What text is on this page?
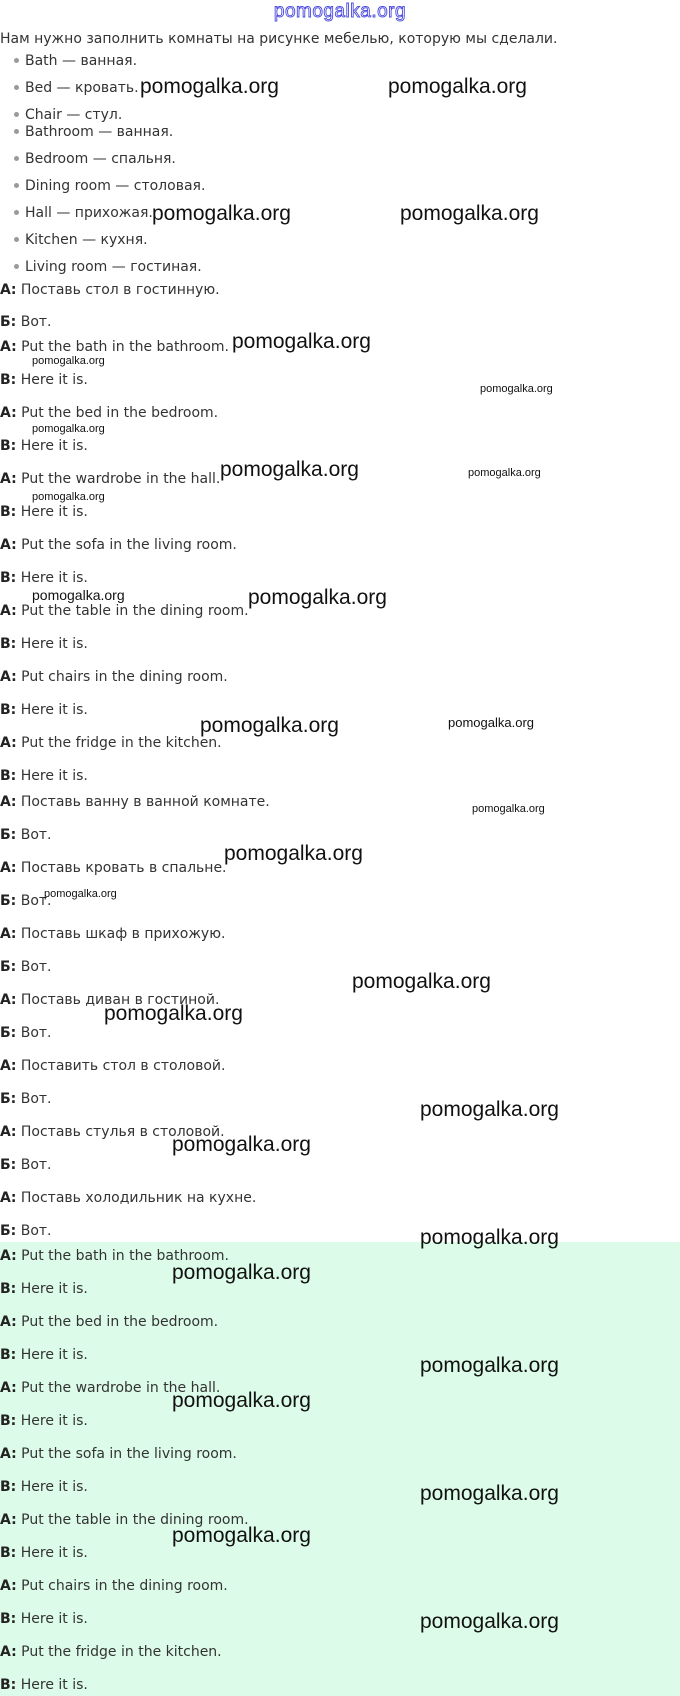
pomogalka.org
Нам нужно заполнить комнаты на рисунке мебелью, которую мы сделали.
Bath — ванная.
Bed — кровать.
Chair — стул.
Bathroom — ванная.
Bedroom — спальня.
Dining room — столовая.
Hall — прихожая.
Kitchen — кухня.
Living room — гостиная.
А: Поставь стол в гостинную.
Б: Вот.
A: Put the bath in the bathroom.
B: Here it is.
A: Put the bed in the bedroom.
B: Here it is.
A: Put the wardrobe in the hall.
B: Here it is.
A: Put the sofa in the living room.
B: Here it is.
A: Put the table in the dining room.
B: Here it is.
A: Put chairs in the dining room.
B: Here it is.
A: Put the fridge in the kitchen.
B: Here it is.
А: Поставь ванну в ванной комнате.
Б: Вот.
А: Поставь кровать в спальне.
Б: Вот.
А: Поставь шкаф в прихожую.
Б: Вот.
А: Поставь диван в гостиной.
Б: Вот.
А: Поставить стол в столовой.
Б: Вот.
А: Поставь стулья в столовой.
Б: Вот.
А: Поставь холодильник на кухне.
Б: Вот.
A: Put the bath in the bathroom.
B: Here it is.
A: Put the bed in the bedroom.
B: Here it is.
A: Put the wardrobe in the hall.
B: Here it is.
A: Put the sofa in the living room.
B: Here it is.
A: Put the table in the dining room.
B: Here it is.
A: Put chairs in the dining room.
B: Here it is.
A: Put the fridge in the kitchen.
B: Here it is.
pomogalka.org	pomogalka.org
pomogalka.org	pomogalka.org
pomogalka.org
pomogalka.org
pomogalka.org
pomogalka.org
pomogalka.org	pomogalka.org
pomogalka.org
pomogalka.org	pomogalka.org
pomogalka.org	pomogalka.org
pomogalka.org
pomogalka.org
pomogalka.org
pomogalka.org
pomogalka.org
pomogalka.org
pomogalka.org
pomogalka.org
pomogalka.org
pomogalka.org
pomogalka.org
pomogalka.org
pomogalka.org
pomogalka.org
